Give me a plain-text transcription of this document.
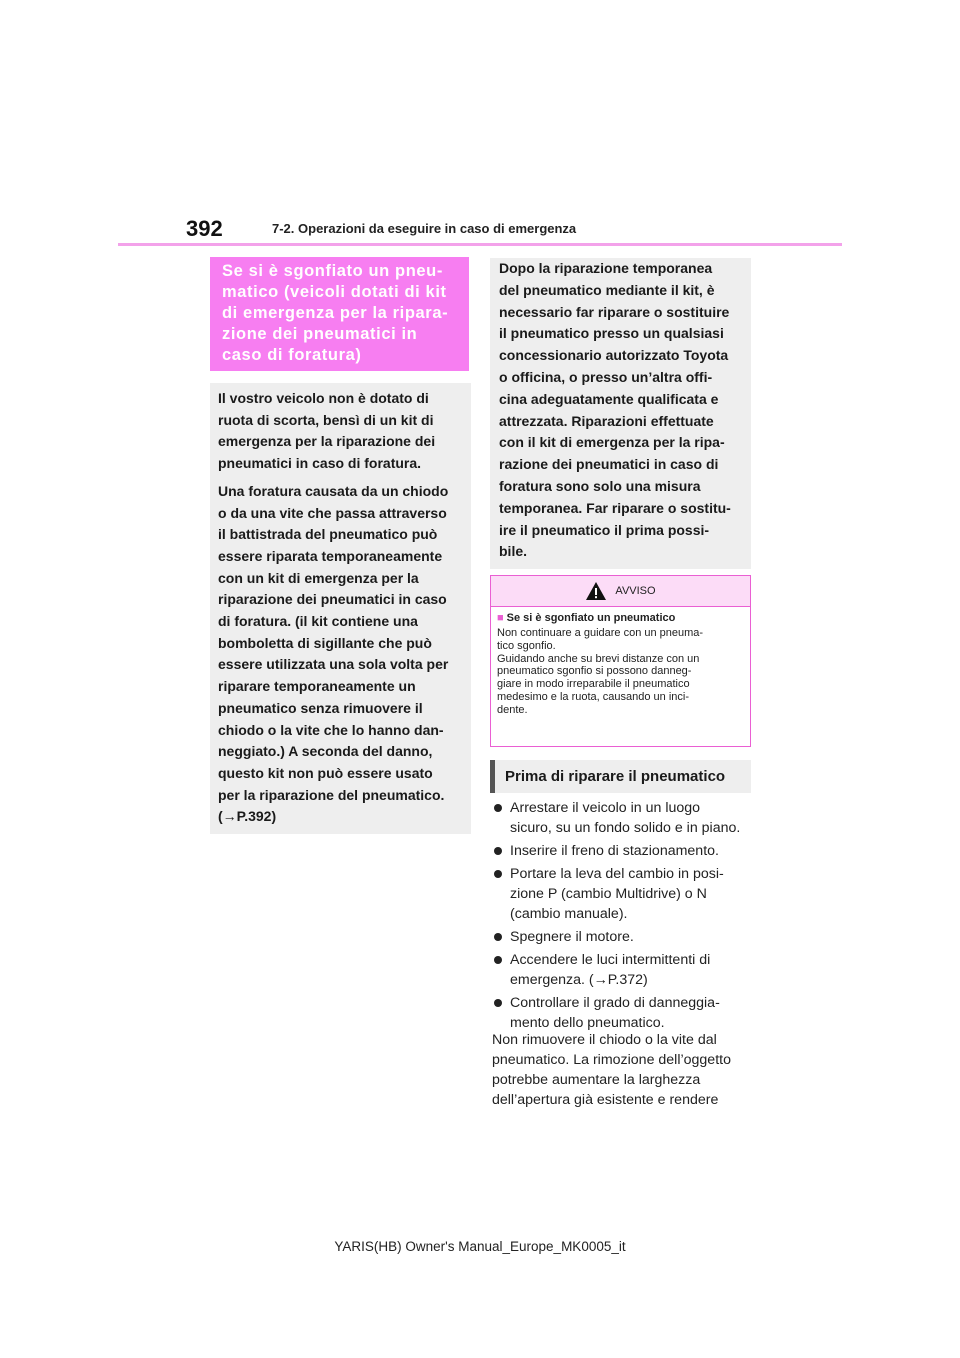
392	7-2. Operazioni da eseguire in caso di emergenza
Se si è sgonfiato un pneu-
matico (veicoli dotati di kit
di emergenza per la ripara-
zione dei pneumatici in
caso di foratura)

Il vostro veicolo non è dotato di
ruota di scorta, bensì di un kit di
emergenza per la riparazione dei
pneumatici in caso di foratura.

Una foratura causata da un chiodo
o da una vite che passa attraverso
il battistrada del pneumatico può
essere riparata temporaneamente
con un kit di emergenza per la
riparazione dei pneumatici in caso
di foratura. (il kit contiene una
bomboletta di sigillante che può
essere utilizzata una sola volta per
riparare temporaneamente un
pneumatico senza rimuovere il
chiodo o la vite che lo hanno dan-
neggiato.) A seconda del danno,
questo kit non può essere usato
per la riparazione del pneumatico.
(→P.392)

Dopo la riparazione temporanea
del pneumatico mediante il kit, è
necessario far riparare o sostituire
il pneumatico presso un qualsiasi
concessionario autorizzato Toyota
o officina, o presso un’altra offi-
cina adeguatamente qualificata e
attrezzata. Riparazioni effettuate
con il kit di emergenza per la ripa-
razione dei pneumatici in caso di
foratura sono solo una misura
temporanea. Far riparare o sostitu-
ire il pneumatico il prima possi-
bile.

AVVISO
■ Se si è sgonfiato un pneumatico
Non continuare a guidare con un pneuma-
tico sgonfio.
Guidando anche su brevi distanze con un
pneumatico sgonfio si possono danneg-
giare in modo irreparabile il pneumatico
medesimo e la ruota, causando un inci-
dente.
Prima di riparare il pneumatico
Arrestare il veicolo in un luogo
sicuro, su un fondo solido e in piano.
Inserire il freno di stazionamento.
Portare la leva del cambio in posi-
zione P (cambio Multidrive) o N
(cambio manuale).
Spegnere il motore.
Accendere le luci intermittenti di
emergenza. (→P.372)
Controllare il grado di danneggia-
mento dello pneumatico.
Non rimuovere il chiodo o la vite dal
pneumatico. La rimozione dell’oggetto
potrebbe aumentare la larghezza
dell’apertura già esistente e rendere
YARIS(HB) Owner's Manual_Europe_MK0005_it
